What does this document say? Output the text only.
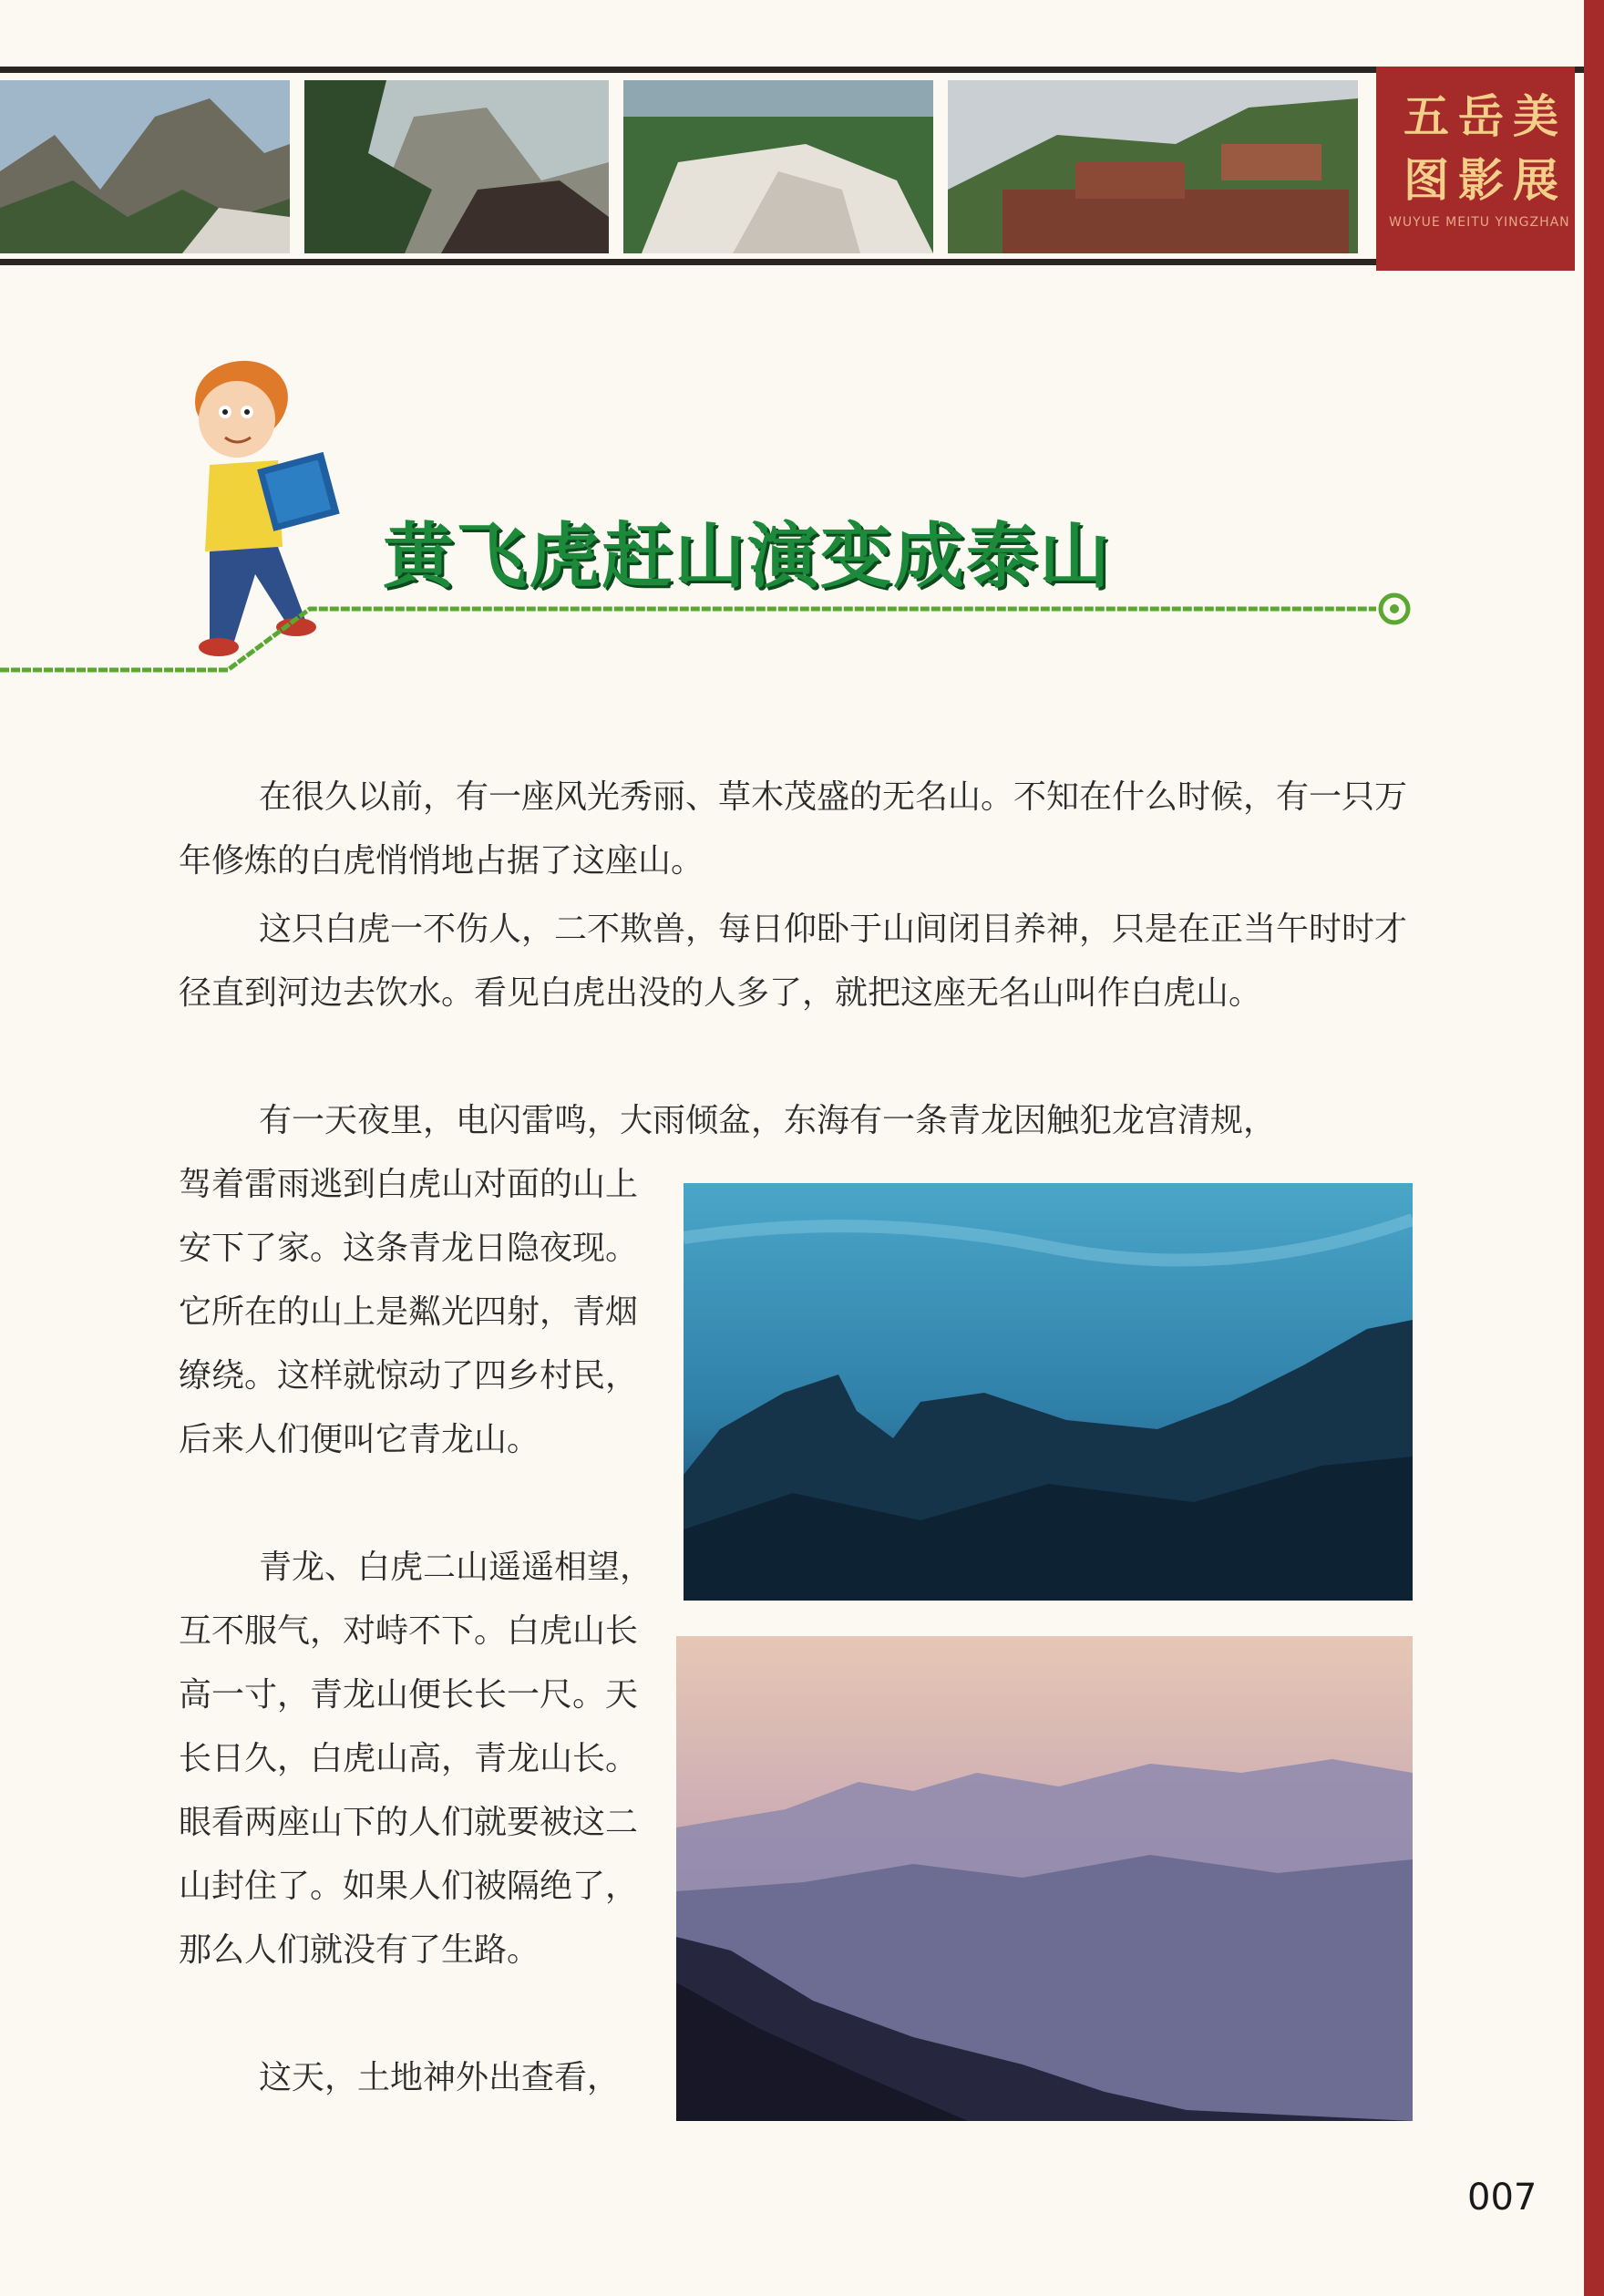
五岳美图影展
WUYUE MEITU YINGZHAN
黄飞虎赶山演变成泰山

在很久以前，有一座风光秀丽、草木茂盛的无名山。不知在什么时候，有一只万年修炼的白虎悄悄地占据了这座山。

这只白虎一不伤人，二不欺兽，每日仰卧于山间闭目养神，只是在正当午时时才径直到河边去饮水。看见白虎出没的人多了，就把这座无名山叫作白虎山。

有一天夜里，电闪雷鸣，大雨倾盆，东海有一条青龙因触犯龙宫清规，

驾着雷雨逃到白虎山对面的山上安下了家。这条青龙日隐夜现。它所在的山上是粼光四射，青烟缭绕。这样就惊动了四乡村民，后来人们便叫它青龙山。

青龙、白虎二山遥遥相望，互不服气，对峙不下。白虎山长高一寸，青龙山便长长一尺。天长日久，白虎山高，青龙山长。眼看两座山下的人们就要被这二山封住了。如果人们被隔绝了，那么人们就没有了生路。

这天，土地神外出查看，

007
